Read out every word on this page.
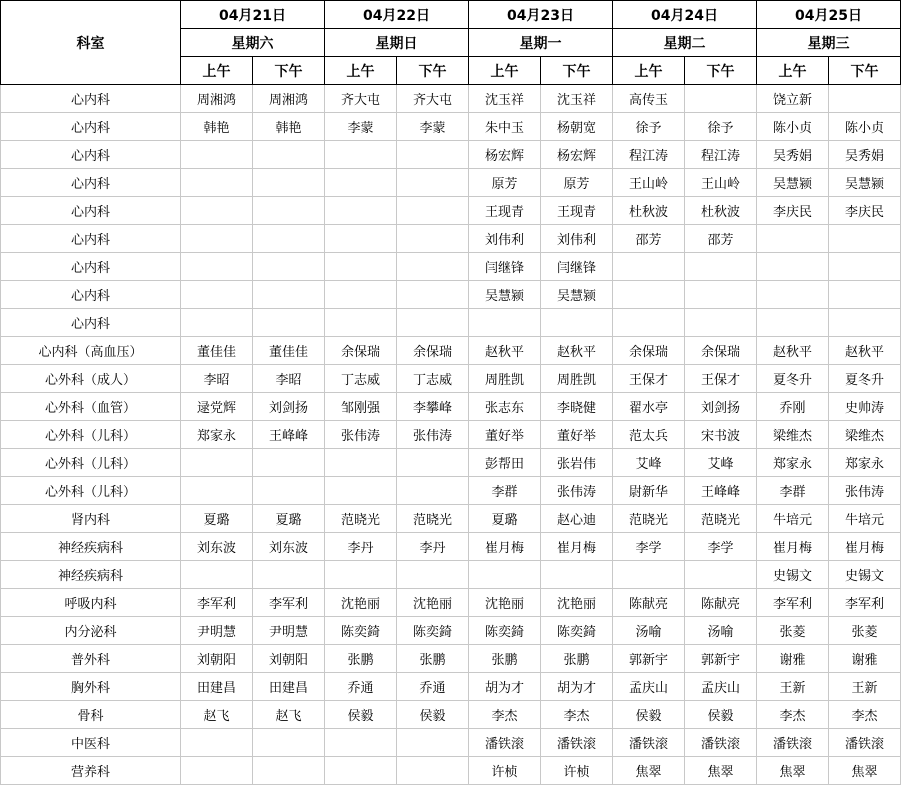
科室	04月21日		04月22日		04月23日		04月24日		04月25日	
	星期六		星期日		星期一		星期二		星期三	
	上午	下午	上午	下午	上午	下午	上午	下午	上午	下午
心内科	周湘鸿	周湘鸿	齐大屯	齐大屯	沈玉祥	沈玉祥	高传玉		饶立新	
心内科	韩艳	韩艳	李蒙	李蒙	朱中玉	杨朝宽	徐予	徐予	陈小贞	陈小贞
心内科					杨宏辉	杨宏辉	程江涛	程江涛	吴秀娟	吴秀娟
心内科					原芳	原芳	王山岭	王山岭	吴慧颍	吴慧颍
心内科					王现青	王现青	杜秋波	杜秋波	李庆民	李庆民
心内科					刘伟利	刘伟利	邵芳	邵芳		
心内科					闫继锋	闫继锋				
心内科					吴慧颍	吴慧颍				
心内科										
心内科（高血压）	董佳佳	董佳佳	余保瑞	余保瑞	赵秋平	赵秋平	余保瑞	余保瑞	赵秋平	赵秋平
心外科（成人）	李昭	李昭	丁志威	丁志威	周胜凯	周胜凯	王保才	王保才	夏冬升	夏冬升
心外科（血管）	逯党辉	刘剑扬	邹刚强	李攀峰	张志东	李晓健	翟水亭	刘剑扬	乔刚	史帅涛
心外科（儿科）	郑家永	王峰峰	张伟涛	张伟涛	董好举	董好举	范太兵	宋书波	梁维杰	梁维杰
心外科（儿科）					彭帮田	张岩伟	艾峰	艾峰	郑家永	郑家永
心外科（儿科）					李群	张伟涛	尉新华	王峰峰	李群	张伟涛
肾内科	夏璐	夏璐	范晓光	范晓光	夏璐	赵心迪	范晓光	范晓光	牛培元	牛培元
神经疾病科	刘东波	刘东波	李丹	李丹	崔月梅	崔月梅	李学	李学	崔月梅	崔月梅
神经疾病科									史锡文	史锡文
呼吸内科	李军利	李军利	沈艳丽	沈艳丽	沈艳丽	沈艳丽	陈献亮	陈献亮	李军利	李军利
内分泌科	尹明慧	尹明慧	陈奕錡	陈奕錡	陈奕錡	陈奕錡	汤喻	汤喻	张菱	张菱
普外科	刘朝阳	刘朝阳	张鹏	张鹏	张鹏	张鹏	郭新宇	郭新宇	谢雅	谢雅
胸外科	田建昌	田建昌	乔通	乔通	胡为才	胡为才	孟庆山	孟庆山	王新	王新
骨科	赵飞	赵飞	侯毅	侯毅	李杰	李杰	侯毅	侯毅	李杰	李杰
中医科					潘铁滚	潘铁滚	潘铁滚	潘铁滚	潘铁滚	潘铁滚
营养科					许桢	许桢	焦翠	焦翠	焦翠	焦翠
